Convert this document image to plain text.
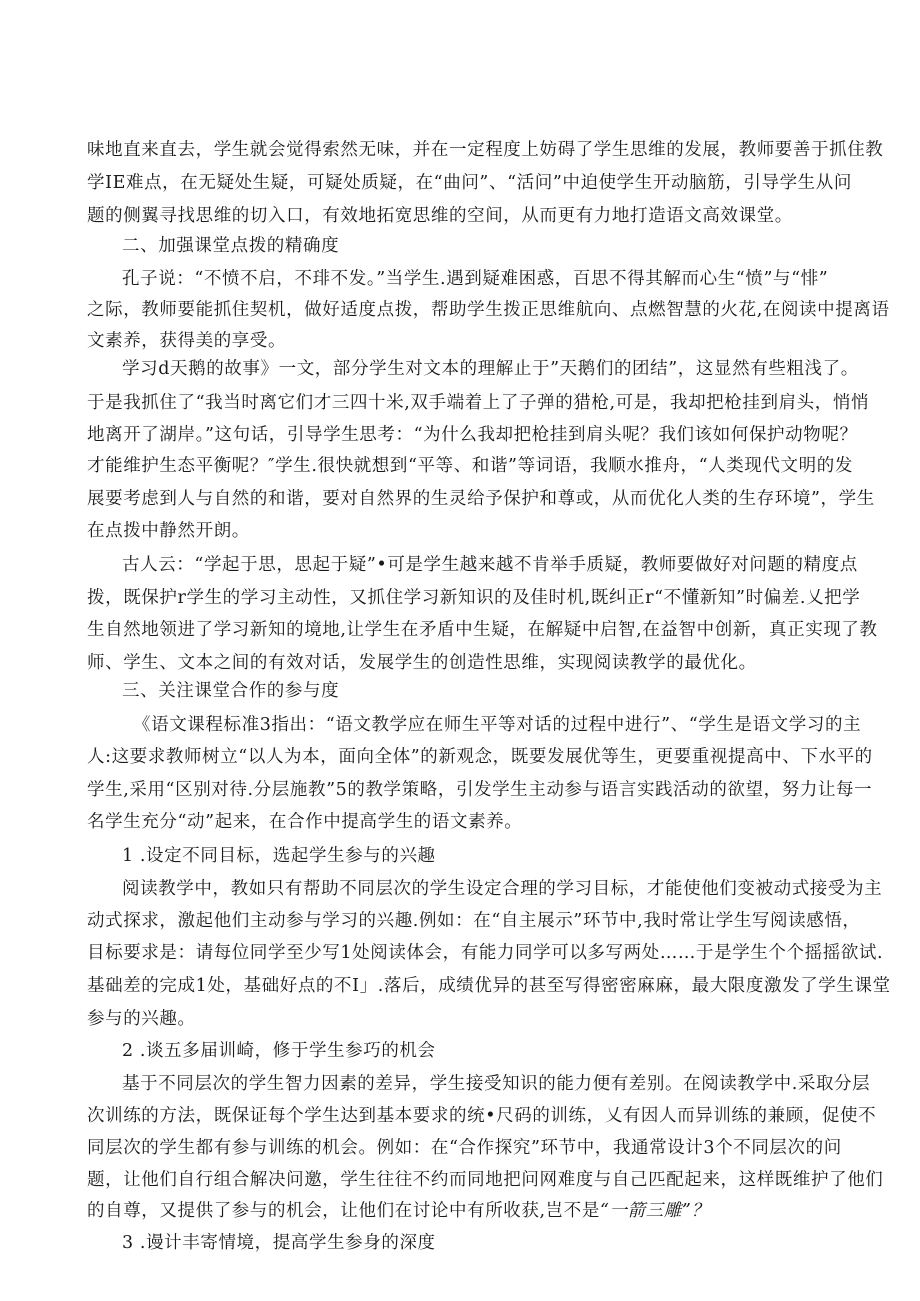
味地直来直去，学生就会觉得索然无味，并在一定程度上妨碍了学生思维的发展，教师要善于抓住教
学IE难点，在无疑处生疑，可疑处质疑，在“曲问”、“活问”中迫使学生开动脑筋，引导学生从问
题的侧翼寻找思维的切入口，有效地拓宽思维的空间，从而更有力地打造语文高效课堂。
二、加强课堂点拨的精确度
孔子说：“不愤不启，不琲不发。”当学生.遇到疑难困惑，百思不得其解而心生“愤”与“悱”
之际，教师要能抓住契机，做好适度点拨，帮助学生拨正思维航向、点燃智慧的火花,在阅读中提离语
文素养，获得美的享受。
学习d天鹅的故事》一文，部分学生对文本的理解止于”天鹅们的团结”，这显然有些粗浅了。
于是我抓住了“我当时离它们才三四十米,双手端着上了子弹的猎枪,可是，我却把枪挂到肩头，悄悄
地离开了湖岸。”这句话，引导学生思考：“为什么我却把枪挂到肩头呢？我们该如何保护动物呢？
才能维护生态平衡呢？″学生.很快就想到“平等、和谐”等词语，我顺水推舟，“人类现代文明的发
展要考虑到人与自然的和谐，要对自然界的生灵给予保护和尊或，从而优化人类的生存环境”，学生
在点拨中静然开朗。
古人云：“学起于思，思起于疑”•可是学生越来越不肯举手质疑，教师要做好对问题的精度点
拨，既保护r学生的学习主动性，又抓住学习新知识的及佳时机,既纠正r“不懂新知”时偏差.乂把学
生自然地领进了学习新知的境地,让学生在矛盾中生疑，在解疑中启智,在益智中创新，真正实现了教
师、学生、文本之间的有效对话，发展学生的创造性思维，实现阅读教学的最优化。
三、关注课堂合作的参与度
《语文课程标准3指出：“语文教学应在师生平等对话的过程中进行”、“学生是语文学习的主
人:这要求教师树立“以人为本，面向全体”的新观念，既要发展优等生，更要重视提高中、下水平的
学生,采用“区别对待.分层施教”5的教学策略，引发学生主动参与语言实践活动的欲望，努力让每一
名学生充分“动”起来，在合作中提高学生的语文素养。
1 .设定不同目标，选起学生参与的兴趣
阅读教学中，教如只有帮助不同层次的学生设定合理的学习目标，才能使他们变被动式接受为主
动式探求，激起他们主动参与学习的兴趣.例如：在“自主展示”环节中,我时常让学生写阅读感悟，
目标要求是：请每位同学至少写1处阅读体会，有能力同学可以多写两处……于是学生个个摇摇欲试.
基础差的完成1处，基础好点的不I」.落后，成绩优异的甚至写得密密麻麻，最大限度激发了学生课堂
参与的兴趣。
2 .谈五多届训崎，修于学生参巧的机会
基于不同层次的学生智力因素的差异，学生接受知识的能力便有差别。在阅读教学中.采取分层
次训练的方法，既保证每个学生达到基本要求的统•尺码的训练，乂有因人而异训练的兼顾，促使不
同层次的学生都有参与训练的机会。例如：在“合作探究”环节中，我通常设计3个不同层次的问
题，让他们自行组合解决问邀，学生往往不约而同地把问网难度与自己匹配起来，这样既维护了他们
的自尊，又提供了参与的机会，让他们在讨论中有所收获,岂不是“一箭三雕”？
3 .谩计丰寄情境，提高学生参身的深度
